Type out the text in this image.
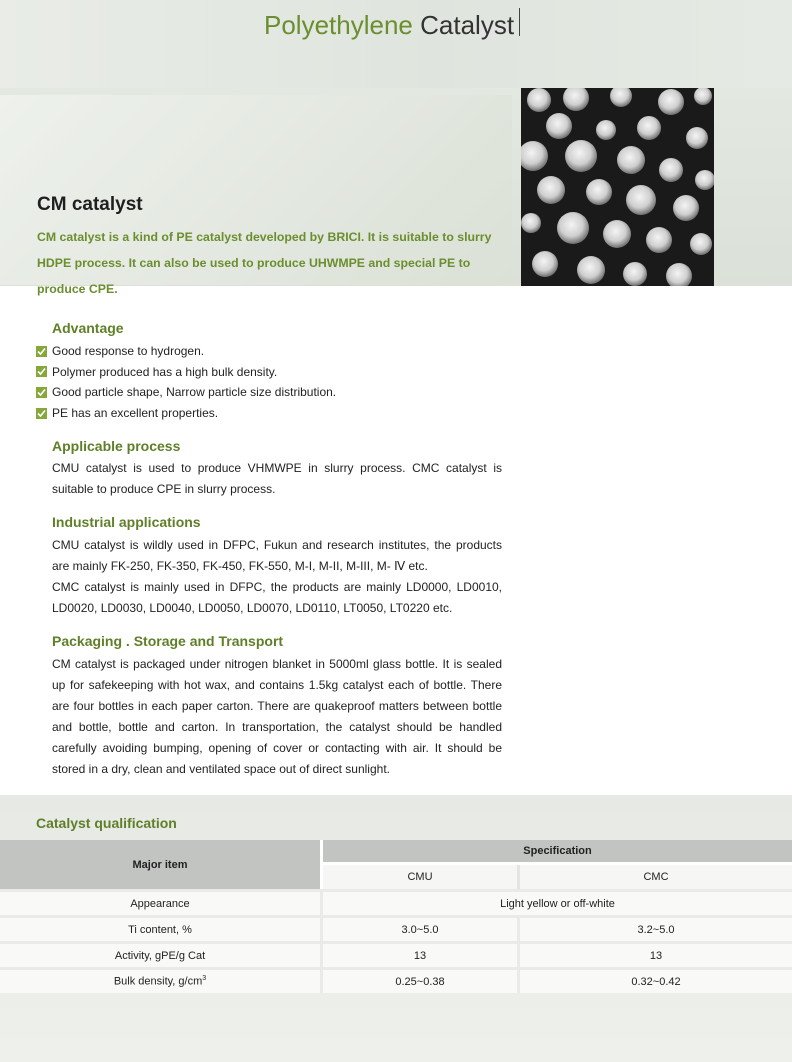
Polyethylene Catalyst
CM catalyst
CM catalyst is a kind of PE catalyst developed by BRICI. It is suitable to slurry HDPE process. It can also be used to produce UHWMPE and special PE to produce CPE.
Advantage
Good response to hydrogen.
Polymer produced has a high bulk density.
Good particle shape, Narrow particle size distribution.
PE has an excellent properties.
Applicable process
CMU catalyst is used to produce VHMWPE in slurry process. CMC catalyst is suitable to produce CPE in slurry process.
Industrial applications
CMU catalyst is wildly used in DFPC, Fukun and research institutes, the products are mainly FK-250, FK-350, FK-450, FK-550, M-I, M-II, M-III, M- Ⅳ etc.
CMC catalyst is mainly used in DFPC, the products are mainly LD0000, LD0010, LD0020, LD0030, LD0040, LD0050, LD0070, LD0110, LT0050, LT0220 etc.
Packaging . Storage and Transport
CM catalyst is packaged under nitrogen blanket in 5000ml glass bottle. It is sealed up for safekeeping with hot wax, and contains 1.5kg catalyst each of bottle. There are four bottles in each paper carton. There are quakeproof matters between bottle and bottle, bottle and carton. In transportation, the catalyst should be handled carefully avoiding bumping, opening of cover or contacting with air. It should be stored in a dry, clean and ventilated space out of direct sunlight.
Catalyst qualification
Major item	Specification	
	CMU	CMC
Appearance	Light yellow or off-white	
Ti content, %	3.0~5.0	3.2~5.0
Activity, gPE/g Cat	13	13
Bulk density, $g/cm^3$	0.25~0.38	0.32~0.42
